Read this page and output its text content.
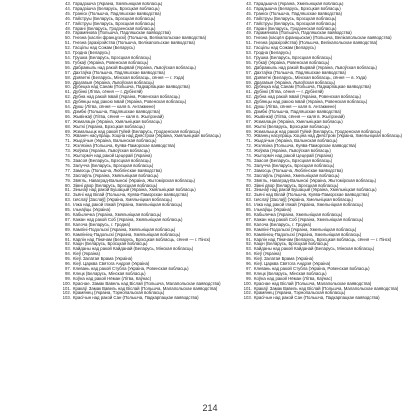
43. Гарадзішча (Украіна, Хмяльніцкая вобласць)
44. Гарадзішча (Беларусь, Брэсцкая вобласць)
45. Граніск (Польшча, Падляшскае ваяводства)
46. Гайструы (Беларусь, Брэсцкая вобласць)
47. Гайструы (Беларусь, Брэсцкая вобласць)
48. Гарані (Беларусь, Гродзенская вобласць)
49. Гарамянова (Польшча, Падляшскае ваяводства)
50. Гнезна (каслін французскі) (Польшча, Велікапольскае ваяводства)
51. Гнезна (арахірэйства (Польшча, Велікапольскае ваяводства)
52. Гасцілы над Сожам (Беларусь)
53. Гродна (Беларусь)
54. Грушка (Беларусь, Брэсцкая вобласць)
55. Губкаў (Украіна, Ровенская вобласць)
56. Дабрамыль над ракой Вырвай (Украіна, Львоўская вобласць)
57. Дахтаўка (Польшча, Падляшскае ваяводства)
58. Дзяветні (Беларусь, Мінская вобласць, сёння — г. Узда)
59. Драгавыя (Украіна, Львоўская вобласць)
60. Дубецка над Санам (Польшча, Падкарпацкае ваяводства)
61. Дубінкі (Літва, сёння — г. Дубінгяй)
62. Дубна над ракой Іквай (Украіна, Ровенская вобласць)
63. Дубянцы над ракою Іквай (Украіна, Ровенская вобласць)
64. Дукш (Літва, сёння — каля в. Антакмене)
65. Дэмбкі (Польшча, Падляшскае ваяводства)
66. Жывінкаў (Літва, сёння — каля в. Жыгірэнай)
67. Жэмалацін (Украіна, Хмяльніцкая вобласць)
68. Жыткі (Украіна, Брэсцкая вобласць)
69. Жэмальыцк над ракой Гуйей (Беларусь, Гродзенская вобласць)
70. Жванеч насупраць Хоціна над Днястром (Украіна, Хмяльніцкая вобласць)
71. Жыдзічын (Украіна, Валынская вобласць)
72. Жэлязіна (Польшча, Куява-Паморскае ваяводства)
73. Жоўква (Украіна, Львоўская вобласць)
74. Жыторміч над ракой Цецерай (Украіна)
75. Заасоя (Беларусь, Брэсцкая вобласць)
76. Залучча (Беларусь, Брэсцкая вобласць)
77. Замосць (Польшча, Люблінскае ваяводства)
78. Заслаўль (Украіна, Хмяльніцкая вобласць)
79. Звягль, Наваград-Валынскі (Украіна, Жытомірская вобласць)
80. Зімні двор (Беларусь, Брэсцкая вобласць)
81. Зіньнаў над ракой Бушацый (Украіна, Хмяльніцкая вобласць)
82. Зьёні над Вілай (Польшча, Куява-Паморскае ваяводства)
83. Ізяслаў [Заслаў] (Украіна, Хмяльніцкая вобласць)
84. Ілжа над ракой Ілжай (Украіна, Хмяльніцкая вобласць)
85. Ільнаўцы (Украіна)
86. Кабылечка (Украіна, Хмяльніцкая вобласць)
87. Кажан над ракой Соб (Украіна, Хмяльніцкая вобласць)
88. Калоча (Беларусь, г. Гродна)
89. Кампіні-Подольскі (Украіна, Хмяльніцкая вобласць)
90. Кампініец-Падольскі (Украіна, Хмяльніцкая вобласць)
91. Карлін над Піначам (Беларусь, Брэсцкая вобласць, сёння — г. Пінск)
92. Кацін (Беларусь, Брэсцкая вобласць)
93. Кайданы над ракой Кайданай (Беларусь, Мінская вобласць)
94. Кіеў (Украіна)
95. Кіеў. Залатая Брама (Украіна)
96. Кіеў. Царква Святога Андрэя (Украіна)
97. Клевань над ракой Стубла (Украіна, Ровенская вобласць)
98. Клецк (Беларусь, Мінская вобласць)
99. Коўна над ракой Нёман (Літва, Каўнас)
100. Краснае. Замак Вавель над Віслай (Польшча, Малапольскае ваяводства)
101. Кракаў. Замак Вавель над Віслай (Польшча, Малапольскае ваяводства)
102. Крамянец (Украіна, Тэрнопальская вобласць)
103. Красічын над ракой Сан (Польшча, Падкарпацкае ваяводства)
43. Гарадышча (Украіна, Хмельніцкая вобласць)
44. Гарадышча (Беларусь, Брэсцкая вобласць)
45. Граніск (Польшча, Падляшскае ваяводства)
46. Гайструы (Беларусь, Брэсцкая вобласць)
47. Гайструы (Беларусь, Брэсцкая вобласць)
48. Гарані (Беларусь, Гродзенская вобласць)
49. Гарамянова (Польшча, Падляшскае ваяводства)
50. Гнезна (касцёл францыскан) (Польшча, Велікапольскае ваяводства)
51. Гнезна (арахірэйства) (Польшча, Велікапольскае ваяводства)
52. Гасцілы над Сожам (Беларусь)
53. Гродна (Беларусь)
54. Грушка (Беларусь, Брэсцкая вобласць)
55. Губкаў (Украіна, Ровенская вобласць)
56. Дабрамыль над ракой Вырвай (Украіна, Львоўская вобласць)
57. Дахтаўка (Польшча, Падляшскае ваяводства)
58. Дзяветні (Беларусь, Мінская вобласць, сёння — в. Узда)
59. Драгавыя (Украіна, Львоўская вобласць)
60. Дубецка над Санам (Польшча, Падкарпацкае ваяводства)
61. Дубінкі (Літва, сёння — г. Дубінгяй)
62. Дубна над ракой Іквай (Украіна, Ровенская вобласць)
63. Дубянцы над ракою Іквай (Украіна, Ровенская вобласць)
64. Дукш (Літва, сёння — каля в. Антакмене)
65. Дэмбкі (Польшча, Падляшскае ваяводства)
66. Жывінкаў (Літва, сёння — каля в. Жыгірэнай)
67. Жэмалацін (Украіна, Хмельніцкая вобласць)
68. Жыткі (Беларусь, Брэсцкая вобласць)
69. Жэмальыцк над ракой Гуйей (Беларусь, Гродзенская вобласць)
70. Жванец насупраць Хоціна над Днястром (Украіна, Хмельніцкая вобласць)
71. Жыдзічын (Украіна, Валынская вобласць)
72. Жэлязіна (Польшча, Куява-Паморскае ваяводства)
73. Жоўква (Украіна, Львоўская вобласць)
74. Жыторміч над ракой Цецерай (Украіна)
75. Заасоя (Беларусь, Брэсцкая вобласць)
76. Залучча (Беларусь, Брэсцкая вобласць)
77. Замосць (Польшча, Люблінскае ваяводства)
78. Заслаўль (Украіна, Хмельніцкая вобласць)
79. Звягль, Наваград-Валынскі (Украіна, Жытомірская вобласць)
80. Зімні двор (Беларусь, Брэсцкая вобласць)
81. Зіньнаў над ракой Бушацый (Украіна, Хмельніцкая вобласць)
82. Зьёні над Вілай (Польшча, Куява-Паморскае ваяводства)
83. Ізяслаў [Заслаў] (Украіна, Хмельніцкая вобласць)
84. Ілжа над ракой Ілжай (Украіна, Хмельніцкая вобласць)
85. Ільнаўцы (Украіна)
86. Кабылечка (Украіна, Хмельніцкая вобласць)
87. Кажан над ракой Соб (Украіна, Хмельніцкая вобласць)
88. Калоча (Беларусь, г. Гродна)
89. Кампіні-Подольскі (Украіна, Хмельніцкая вобласць)
90. Кампініец-Падольскі (Украіна, Хмельніцкая вобласць)
91. Карлін над Піначам (Беларусь, Брэсцкая вобласць, сёння — г. Пінск)
92. Кацін (Беларусь, Брэсцкая вобласць)
93. Кайданы над ракой Кайданай (Беларусь, Мінская вобласць)
94. Кіеў (Украіна)
95. Кіеў. Залатая Брама (Украіна)
96. Кіеў. Царква Святога Андрэя (Украіна)
97. Клевань над ракой Стубла (Украіна, Ровенская вобласць)
98. Клецк (Беларусь, Мінская вобласць)
99. Коўна над ракой Нёман (Літва, Каўнас)
100. Краснае над Віслай (Польшча, Малапольскае ваяводства)
101. Кракаў. Замак Вавель над Віслай (Польшча, Малапольскае ваяводства)
102. Крамянец (Украіна, Тэрнопальская вобласць)
103. Красічын над ракой Сан (Польшча, Падкарпацкае ваяводства)
214
